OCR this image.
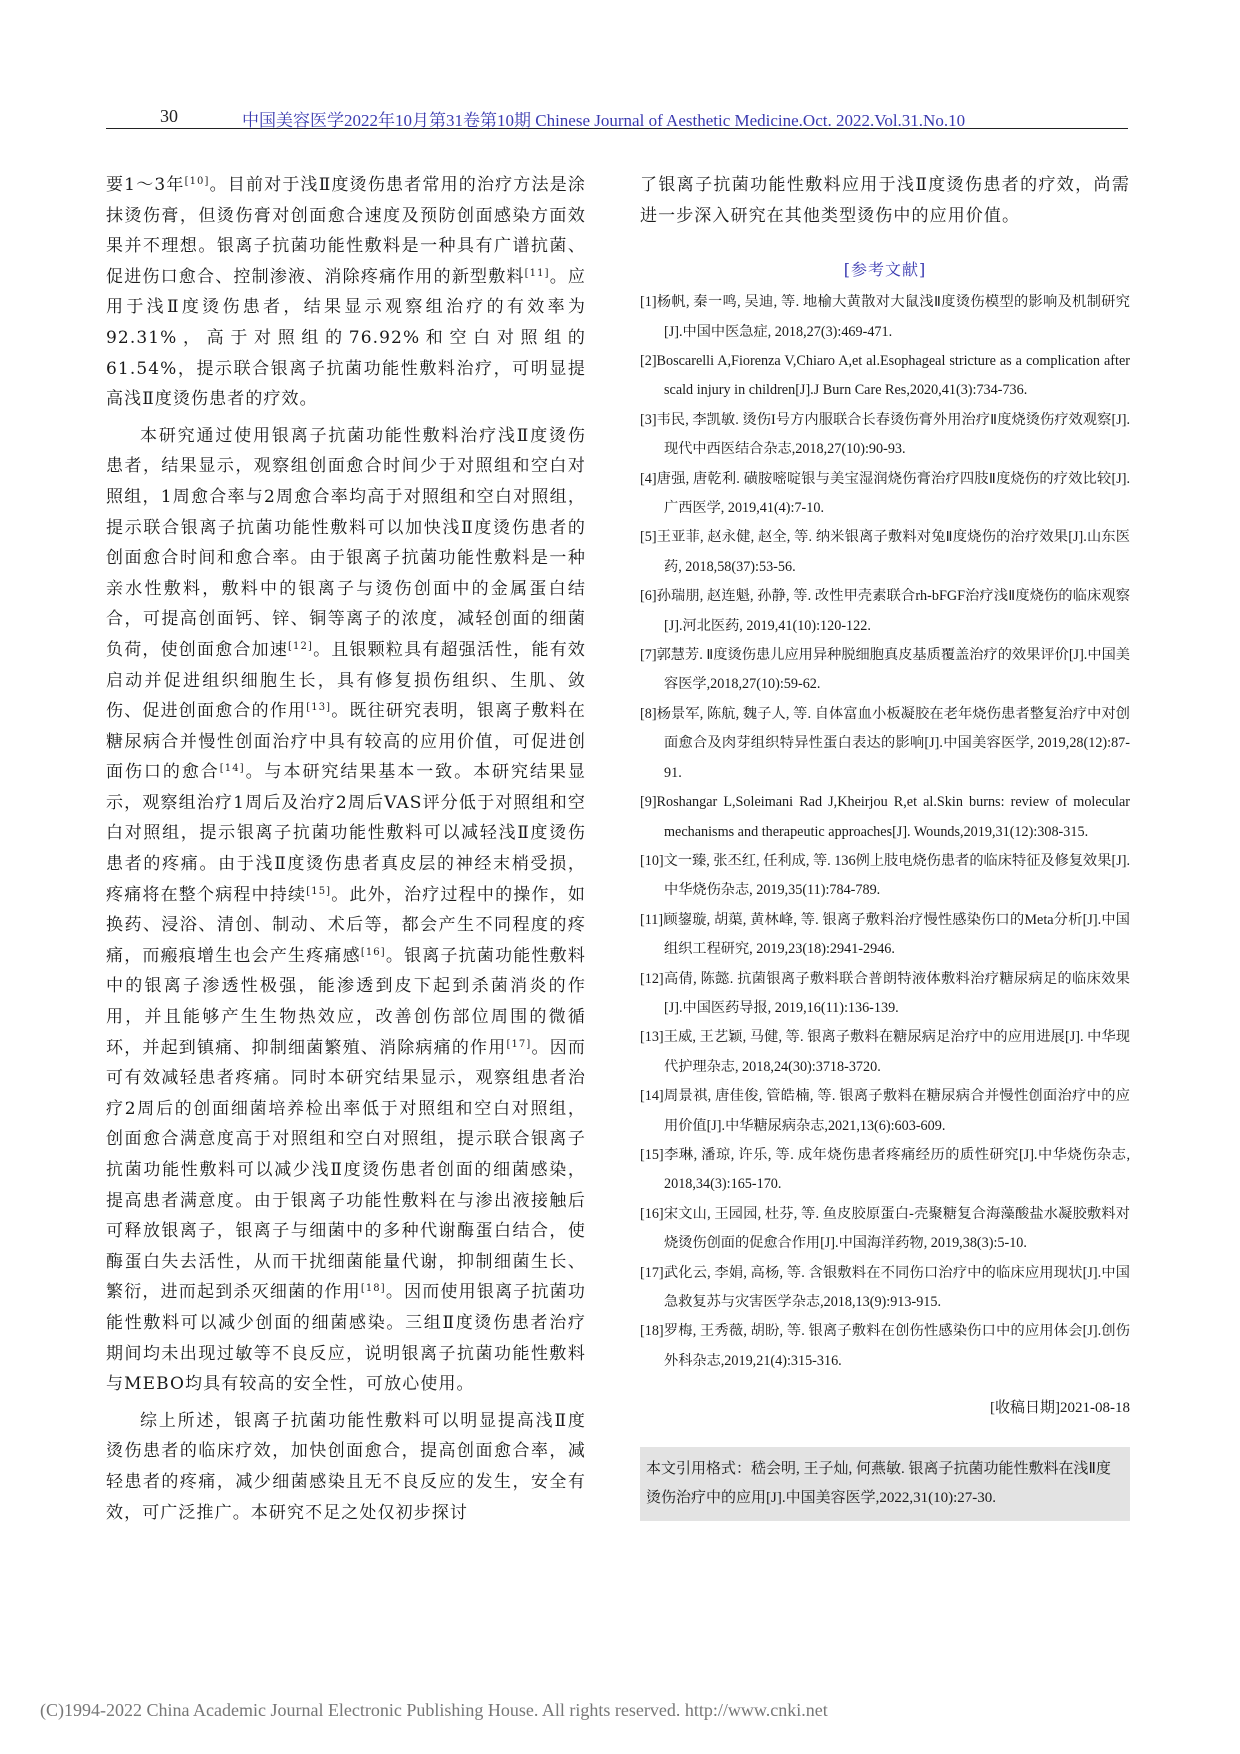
30	中国美容医学2022年10月第31卷第10期 Chinese Journal of Aesthetic Medicine.Oct. 2022.Vol.31.No.10

要1～3年[10]。目前对于浅Ⅱ度烫伤患者常用的治疗方法是涂抹烫伤膏，但烫伤膏对创面愈合速度及预防创面感染方面效果并不理想。银离子抗菌功能性敷料是一种具有广谱抗菌、促进伤口愈合、控制渗液、消除疼痛作用的新型敷料[11]。应用于浅Ⅱ度烫伤患者，结果显示观察组治疗的有效率为92.31%，高于对照组的76.92%和空白对照组的61.54%，提示联合银离子抗菌功能性敷料治疗，可明显提高浅Ⅱ度烫伤患者的疗效。

本研究通过使用银离子抗菌功能性敷料治疗浅Ⅱ度烫伤患者，结果显示，观察组创面愈合时间少于对照组和空白对照组，1周愈合率与2周愈合率均高于对照组和空白对照组，提示联合银离子抗菌功能性敷料可以加快浅Ⅱ度烫伤患者的创面愈合时间和愈合率。由于银离子抗菌功能性敷料是一种亲水性敷料，敷料中的银离子与烫伤创面中的金属蛋白结合，可提高创面钙、锌、铜等离子的浓度，减轻创面的细菌负荷，使创面愈合加速[12]。且银颗粒具有超强活性，能有效启动并促进组织细胞生长，具有修复损伤组织、生肌、敛伤、促进创面愈合的作用[13]。既往研究表明，银离子敷料在糖尿病合并慢性创面治疗中具有较高的应用价值，可促进创面伤口的愈合[14]。与本研究结果基本一致。本研究结果显示，观察组治疗1周后及治疗2周后VAS评分低于对照组和空白对照组，提示银离子抗菌功能性敷料可以减轻浅Ⅱ度烫伤患者的疼痛。由于浅Ⅱ度烫伤患者真皮层的神经末梢受损，疼痛将在整个病程中持续[15]。此外，治疗过程中的操作，如换药、浸浴、清创、制动、术后等，都会产生不同程度的疼痛，而瘢痕增生也会产生疼痛感[16]。银离子抗菌功能性敷料中的银离子渗透性极强，能渗透到皮下起到杀菌消炎的作用，并且能够产生生物热效应，改善创伤部位周围的微循环，并起到镇痛、抑制细菌繁殖、消除病痛的作用[17]。因而可有效减轻患者疼痛。同时本研究结果显示，观察组患者治疗2周后的创面细菌培养检出率低于对照组和空白对照组，创面愈合满意度高于对照组和空白对照组，提示联合银离子抗菌功能性敷料可以减少浅Ⅱ度烫伤患者创面的细菌感染，提高患者满意度。由于银离子功能性敷料在与渗出液接触后可释放银离子，银离子与细菌中的多种代谢酶蛋白结合，使酶蛋白失去活性，从而干扰细菌能量代谢，抑制细菌生长、繁衍，进而起到杀灭细菌的作用[18]。因而使用银离子抗菌功能性敷料可以减少创面的细菌感染。三组Ⅱ度烫伤患者治疗期间均未出现过敏等不良反应，说明银离子抗菌功能性敷料与MEBO均具有较高的安全性，可放心使用。

综上所述，银离子抗菌功能性敷料可以明显提高浅Ⅱ度烫伤患者的临床疗效，加快创面愈合，提高创面愈合率，减轻患者的疼痛，减少细菌感染且无不良反应的发生，安全有效，可广泛推广。本研究不足之处仅初步探讨

了银离子抗菌功能性敷料应用于浅Ⅱ度烫伤患者的疗效，尚需进一步深入研究在其他类型烫伤中的应用价值。

[参考文献]
[1]杨帆, 秦一鸣, 吴迪, 等. 地榆大黄散对大鼠浅Ⅱ度烫伤模型的影响及机制研究[J].中国中医急症, 2018,27(3):469-471.
[2]Boscarelli A,Fiorenza V,Chiaro A,et al.Esophageal stricture as a complication after scald injury in children[J].J Burn Care Res,2020,41(3):734-736.
[3]韦民, 李凯敏. 烫伤I号方内服联合长春烫伤膏外用治疗Ⅱ度烧烫伤疗效观察[J].现代中西医结合杂志,2018,27(10):90-93.
[4]唐强, 唐乾利. 磺胺嘧啶银与美宝湿润烧伤膏治疗四肢Ⅱ度烧伤的疗效比较[J].广西医学, 2019,41(4):7-10.
[5]王亚菲, 赵永健, 赵全, 等. 纳米银离子敷料对兔Ⅱ度烧伤的治疗效果[J].山东医药, 2018,58(37):53-56.
[6]孙瑞朋, 赵连魁, 孙静, 等. 改性甲壳素联合rh-bFGF治疗浅Ⅱ度烧伤的临床观察[J].河北医药, 2019,41(10):120-122.
[7]郭慧芳. Ⅱ度烫伤患儿应用异种脱细胞真皮基质覆盖治疗的效果评价[J].中国美容医学,2018,27(10):59-62.
[8]杨景军, 陈航, 魏子人, 等. 自体富血小板凝胶在老年烧伤患者整复治疗中对创面愈合及肉芽组织特异性蛋白表达的影响[J].中国美容医学, 2019,28(12):87-91.
[9]Roshangar L,Soleimani Rad J,Kheirjou R,et al.Skin burns: review of molecular mechanisms and therapeutic approaches[J]. Wounds,2019,31(12):308-315.
[10]文一臻, 张丕红, 任利成, 等. 136例上肢电烧伤患者的临床特征及修复效果[J].中华烧伤杂志, 2019,35(11):784-789.
[11]顾鋆璇, 胡蕖, 黄林峰, 等. 银离子敷料治疗慢性感染伤口的Meta分析[J].中国组织工程研究, 2019,23(18):2941-2946.
[12]高倩, 陈懿. 抗菌银离子敷料联合普朗特液体敷料治疗糖尿病足的临床效果[J].中国医药导报, 2019,16(11):136-139.
[13]王威, 王艺颖, 马健, 等. 银离子敷料在糖尿病足治疗中的应用进展[J]. 中华现代护理杂志, 2018,24(30):3718-3720.
[14]周景祺, 唐佳俊, 管皓楠, 等. 银离子敷料在糖尿病合并慢性创面治疗中的应用价值[J].中华糖尿病杂志,2021,13(6):603-609.
[15]李琳, 潘琼, 许乐, 等. 成年烧伤患者疼痛经历的质性研究[J].中华烧伤杂志, 2018,34(3):165-170.
[16]宋文山, 王园园, 杜芬, 等. 鱼皮胶原蛋白-壳聚糖复合海藻酸盐水凝胶敷料对烧烫伤创面的促愈合作用[J].中国海洋药物, 2019,38(3):5-10.
[17]武化云, 李娟, 高杨, 等. 含银敷料在不同伤口治疗中的临床应用现状[J].中国急救复苏与灾害医学杂志,2018,13(9):913-915.
[18]罗梅, 王秀薇, 胡盼, 等. 银离子敷料在创伤性感染伤口中的应用体会[J].创伤外科杂志,2019,21(4):315-316.
[收稿日期]2021-08-18
本文引用格式：嵇会明, 王子灿, 何燕敏. 银离子抗菌功能性敷料在浅Ⅱ度烫伤治疗中的应用[J].中国美容医学,2022,31(10):27-30.
(C)1994-2022 China Academic Journal Electronic Publishing House. All rights reserved. http://www.cnki.net
